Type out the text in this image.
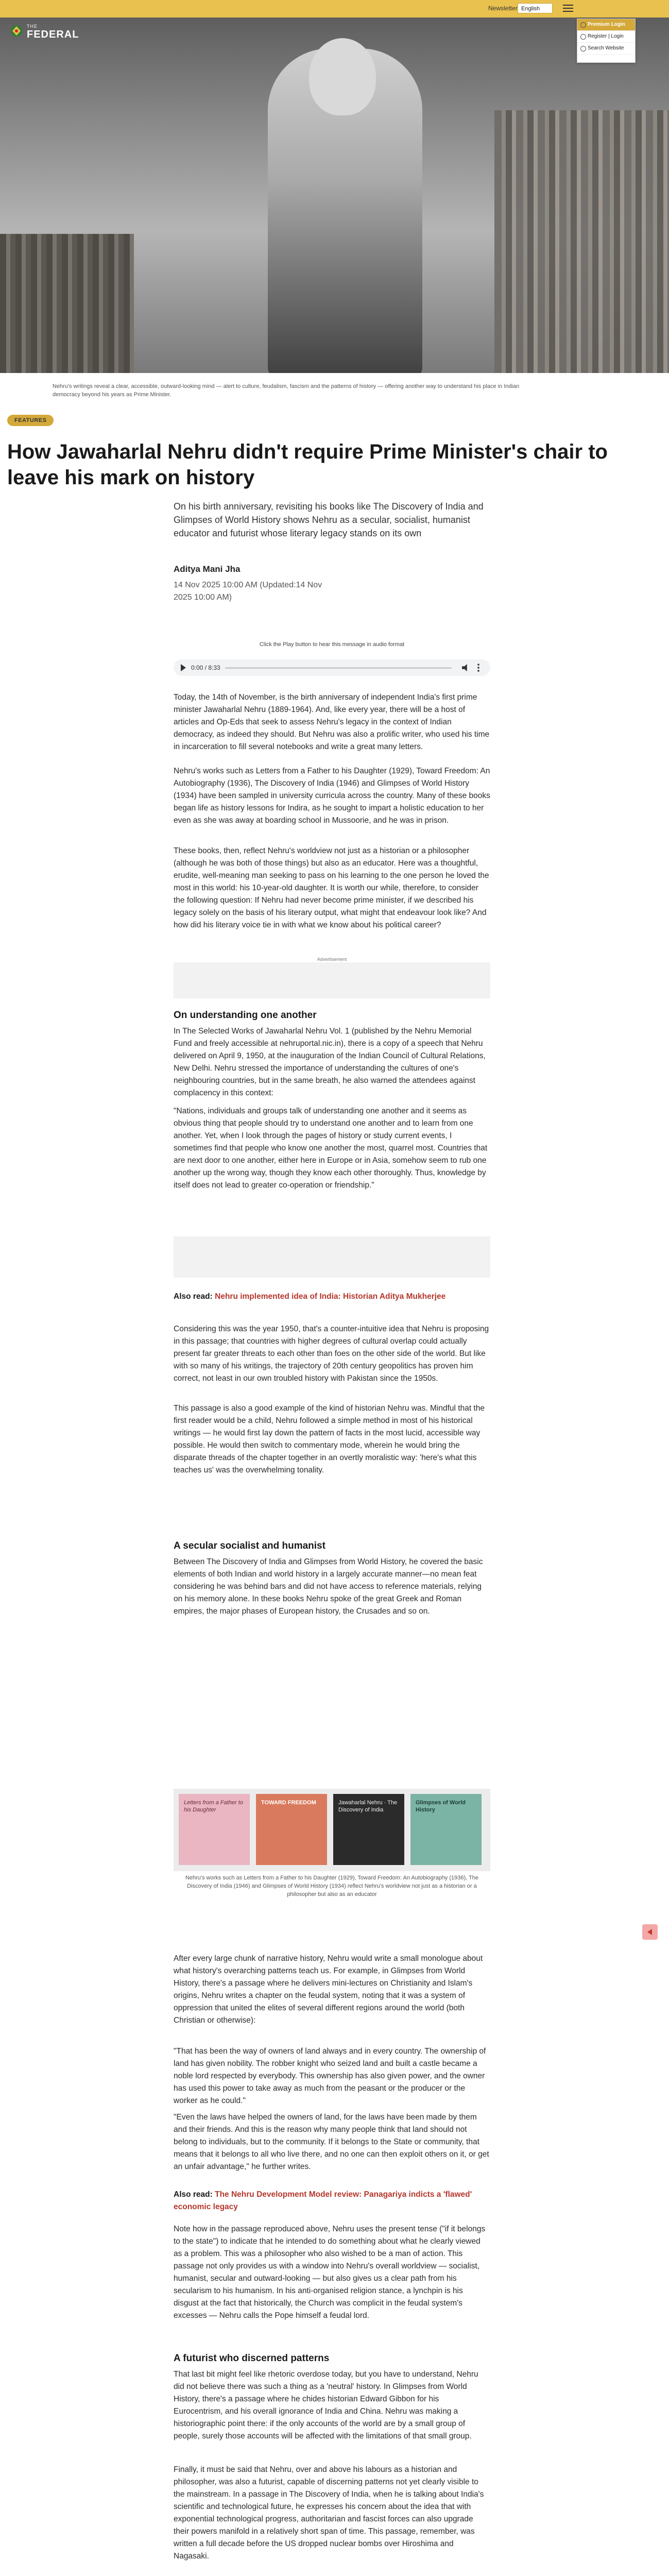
Newsletter English
THE
FEDERAL
Premium Login
Register | Login
Search Website
Nehru's writings reveal a clear, accessible, outward-looking mind — alert to culture, feudalism, fascism and the patterns of history — offering another way to understand his place in Indian democracy beyond his years as Prime Minister.
FEATURES
How Jawaharlal Nehru didn't require Prime Minister's chair to leave his mark on history
On his birth anniversary, revisiting his books like The Discovery of India and Glimpses of World History shows Nehru as a secular, socialist, humanist educator and futurist whose literary legacy stands on its own
Aditya Mani Jha
14 Nov 2025 10:00 AM (Updated:14 Nov 2025 10:00 AM)
Click the Play button to hear this message in audio format
0:00 / 8:33

Today, the 14th of November, is the birth anniversary of independent India's first prime minister Jawaharlal Nehru (1889-1964). And, like every year, there will be a host of articles and Op-Eds that seek to assess Nehru's legacy in the context of Indian democracy, as indeed they should. But Nehru was also a prolific writer, who used his time in incarceration to fill several notebooks and write a great many letters.

Nehru's works such as Letters from a Father to his Daughter (1929), Toward Freedom: An Autobiography (1936), The Discovery of India (1946) and Glimpses of World History (1934) have been sampled in university curricula across the country. Many of these books began life as history lessons for Indira, as he sought to impart a holistic education to her even as she was away at boarding school in Mussoorie, and he was in prison.

These books, then, reflect Nehru's worldview not just as a historian or a philosopher (although he was both of those things) but also as an educator. Here was a thoughtful, erudite, well-meaning man seeking to pass on his learning to the one person he loved the most in this world: his 10-year-old daughter. It is worth our while, therefore, to consider the following question: If Nehru had never become prime minister, if we described his legacy solely on the basis of his literary output, what might that endeavour look like? And how did his literary voice tie in with what we know about his political career?

Advertisement
On understanding one another

In The Selected Works of Jawaharlal Nehru Vol. 1 (published by the Nehru Memorial Fund and freely accessible at nehruportal.nic.in), there is a copy of a speech that Nehru delivered on April 9, 1950, at the inauguration of the Indian Council of Cultural Relations, New Delhi. Nehru stressed the importance of understanding the cultures of one's neighbouring countries, but in the same breath, he also warned the attendees against complacency in this context:

"Nations, individuals and groups talk of understanding one another and it seems as obvious thing that people should try to understand one another and to learn from one another. Yet, when I look through the pages of history or study current events, I sometimes find that people who know one another the most, quarrel most. Countries that are next door to one another, either here in Europe or in Asia, somehow seem to rub one another up the wrong way, though they know each other thoroughly. Thus, knowledge by itself does not lead to greater co-operation or friendship."

Also read: Nehru implemented idea of India: Historian Aditya Mukherjee

Considering this was the year 1950, that's a counter-intuitive idea that Nehru is proposing in this passage; that countries with higher degrees of cultural overlap could actually present far greater threats to each other than foes on the other side of the world. But like with so many of his writings, the trajectory of 20th century geopolitics has proven him correct, not least in our own troubled history with Pakistan since the 1950s.

This passage is also a good example of the kind of historian Nehru was. Mindful that the first reader would be a child, Nehru followed a simple method in most of his historical writings — he would first lay down the pattern of facts in the most lucid, accessible way possible. He would then switch to commentary mode, wherein he would bring the disparate threads of the chapter together in an overtly moralistic way: 'here's what this teaches us' was the overwhelming tonality.

A secular socialist and humanist

Between The Discovery of India and Glimpses from World History, he covered the basic elements of both Indian and world history in a largely accurate manner—no mean feat considering he was behind bars and did not have access to reference materials, relying on his memory alone. In these books Nehru spoke of the great Greek and Roman empires, the major phases of European history, the Crusades and so on.

Letters from a Father to his Daughter
TOWARD FREEDOM	Jawaharlal Nehru · The Discovery of India
Glimpses of World History
Nehru's works such as Letters from a Father to his Daughter (1929), Toward Freedom: An Autobiography (1936), The Discovery of India (1946) and Glimpses of World History (1934) reflect Nehru's worldview not just as a historian or a philosopher but also as an educator

After every large chunk of narrative history, Nehru would write a small monologue about what history's overarching patterns teach us. For example, in Glimpses from World History, there's a passage where he delivers mini-lectures on Christianity and Islam's origins, Nehru writes a chapter on the feudal system, noting that it was a system of oppression that united the elites of several different regions around the world (both Christian or otherwise):

"That has been the way of owners of land always and in every country. The ownership of land has given nobility. The robber knight who seized land and built a castle became a noble lord respected by everybody. This ownership has also given power, and the owner has used this power to take away as much from the peasant or the producer or the worker as he could."

"Even the laws have helped the owners of land, for the laws have been made by them and their friends. And this is the reason why many people think that land should not belong to individuals, but to the community. If it belongs to the State or community, that means that it belongs to all who live there, and no one can then exploit others on it, or get an unfair advantage," he further writes.

Also read: The Nehru Development Model review: Panagariya indicts a 'flawed' economic legacy

Note how in the passage reproduced above, Nehru uses the present tense ("if it belongs to the state") to indicate that he intended to do something about what he clearly viewed as a problem. This was a philosopher who also wished to be a man of action. This passage not only provides us with a window into Nehru's overall worldview — socialist, humanist, secular and outward-looking — but also gives us a clear path from his secularism to his humanism. In his anti-organised religion stance, a lynchpin is his disgust at the fact that historically, the Church was complicit in the feudal system's excesses — Nehru calls the Pope himself a feudal lord.

A futurist who discerned patterns

That last bit might feel like rhetoric overdose today, but you have to understand, Nehru did not believe there was such a thing as a 'neutral' history. In Glimpses from World History, there's a passage where he chides historian Edward Gibbon for his Eurocentrism, and his overall ignorance of India and China. Nehru was making a historiographic point there: if the only accounts of the world are by a small group of people, surely those accounts will be affected with the limitations of that small group.

Finally, it must be said that Nehru, over and above his labours as a historian and philosopher, was also a futurist, capable of discerning patterns not yet clearly visible to the mainstream. In a passage in The Discovery of India, when he is talking about India's scientific and technological future, he expresses his concern about the idea that with exponential technological progress, authoritarian and fascist forces can also upgrade their powers manifold in a relatively short span of time. This passage, remember, was written a full decade before the US dropped nuclear bombs over Hiroshima and Nagasaki.
